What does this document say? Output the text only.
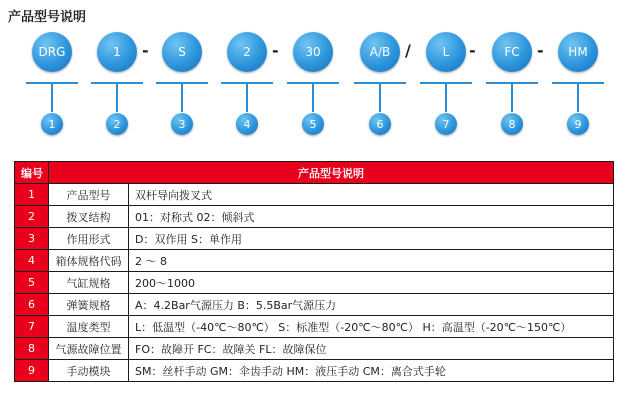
产品型号说明
DRG
1
1
2
S
3
2
4
30
5
A/B
6
L
7
FC
8
HM
9
-	-	/	-	-
编号	产品型号说明	
1	产品型号	双杆导向拨叉式
2	拨叉结构	01：对称式 02：倾斜式
3	作用形式	D：双作用 S：单作用
4	箱体规格代码	2 ～ 8
5	气缸规格	200～1000
6	弹簧规格	A：4.2Bar气源压力 B：5.5Bar气源压力
7	温度类型	L：低温型（-40℃～80℃） S：标准型（-20℃～80℃） H：高温型（-20℃～150℃）
8	气源故障位置	FO：故障开 FC：故障关 FL：故障保位
9	手动模块	SM：丝杆手动 GM：伞齿手动 HM：液压手动 CM：离合式手轮
